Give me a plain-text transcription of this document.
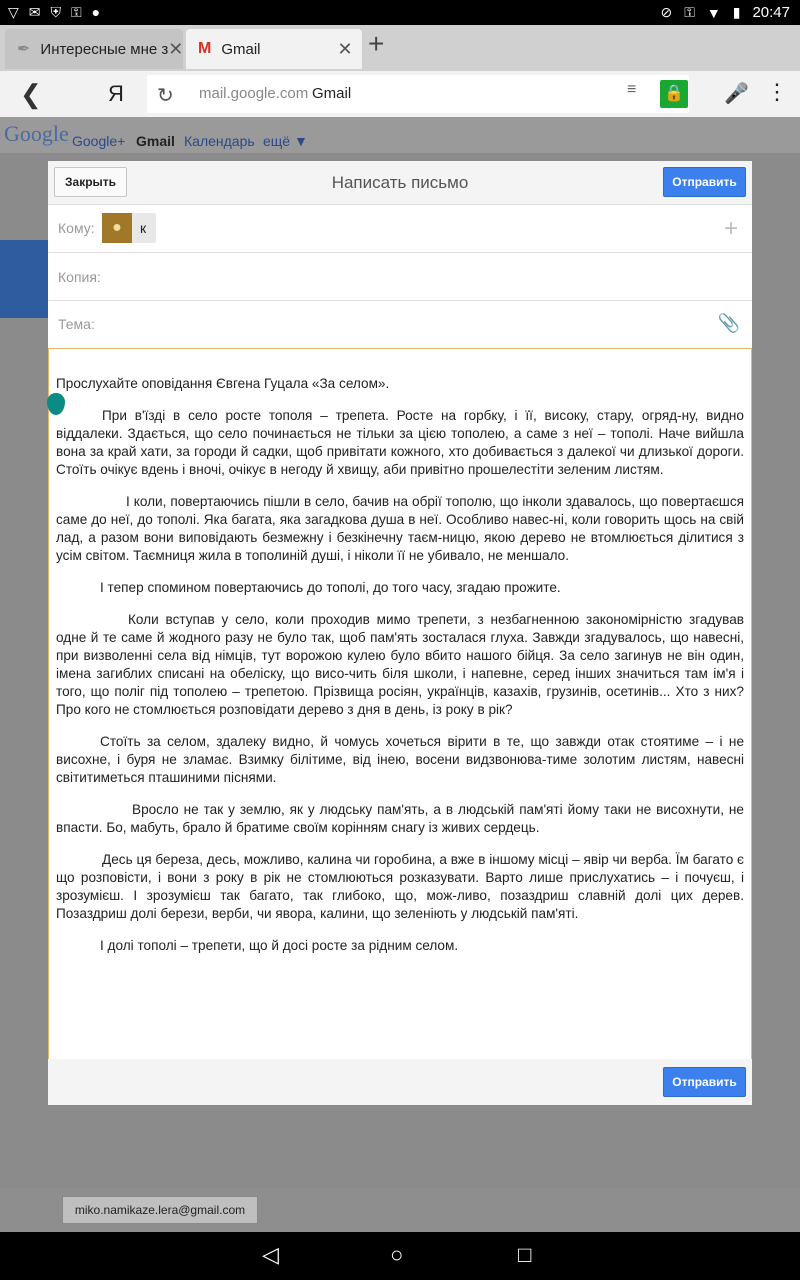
▽ ✉ ⛨ ⚿ ●	⊘ ⚿ ▼ ▮ 20:47
✒ Интересные мне з ✕ M Gmail	✕ +
❮	Я ↻ mail.google.com Gmail	≡ 🔒 🎤 ⋮
Google Google+ Gmail Календарь ещё ▼
miko.namikaze.lera@gmail.com
Закрыть	Написать письмо	Отправить
Кому:	●	к	+
Копия:
Тема:	📎

Прослухайте оповідання Євгена Гуцала «За селом».

При в'їзді в село росте тополя – трепета. Росте на горбку, і її, високу, стару, огряд-ну, видно віддалеки. Здається, що село починається не тільки за цією тополею, а саме з неї – тополі. Наче вийшла вона за край хати, за городи й садки, щоб привітати кожного, хто добивається з далекої чи длизької дороги. Стоїть очікує вдень і вночі, очікує в негоду й хвищу, аби привітно прошелестіти зеленим листям.

І коли, повертаючись пішли в село, бачив на обрії тополю, що інколи здавалось, що повертаєшся саме до неї, до тополі. Яка багата, яка загадкова душа в неї. Особливо навес-ні, коли говорить щось на свій лад, а разом вони виповідають безмежну і безкінечну таєм-ницю, якою дерево не втомлюється ділитися з усім світом. Таємниця жила в тополиній душі, і ніколи її не убивало, не меншало.

І тепер споминoм повертаючись до тополі, до того часу, згадаю прожите.

Коли вступав у село, коли проходив мимо трепети, з незбагненною закономірністю згадував одне й те саме й жодного разу не було так, щоб пам'ять зосталася глуха. Завжди згадувалось, що навесні, при визволенні села від німців, тут ворожою кулею було вбито нашого бійця. За село загинув не він один, імена загиблих списані на обеліску, що висо-чить біля школи, і напевне, серед інших значиться там ім'я і того, що поліг під тополею – трепетою. Прізвища росіян, українців, казахів, грузинів, осетинів... Хто з них? Про кого не стомлюється розповідати дерево з дня в день, із року в рік?

Стоїть за селом, здалеку видно, й чомусь хочеться вірити в те, що завжди отак стоятиме – і не висохне, і буря не зламає. Взимку білітиме, від інею, восени видзвонюва-тиме золотим листям, навесні світитиметься пташиними піснями.

Вросло не так у землю, як у людську пам'ять, а в людській пам'яті йому таки не висохнути, не впасти. Бо, мабуть, брало й братиме своїм корінням снагу із живих сердець.

Десь ця береза, десь, можливо, калина чи горобина, а вже в іншому місці – явір чи верба. Їм багато є що розповісти, і вони з року в рік не стомлюються розказувати. Варто лише прислухатись – і почуєш, і зрозумієш. І зрозумієш так багато, так глибоко, що, мож-ливо, позаздриш славній долі цих дерев. Позаздриш долі берези, верби, чи явора, калини, що зеленіють у людській пам'яті.

І долі тополі – трепети, що й досі росте за рідним селом.

Отправить
◁	○	□
